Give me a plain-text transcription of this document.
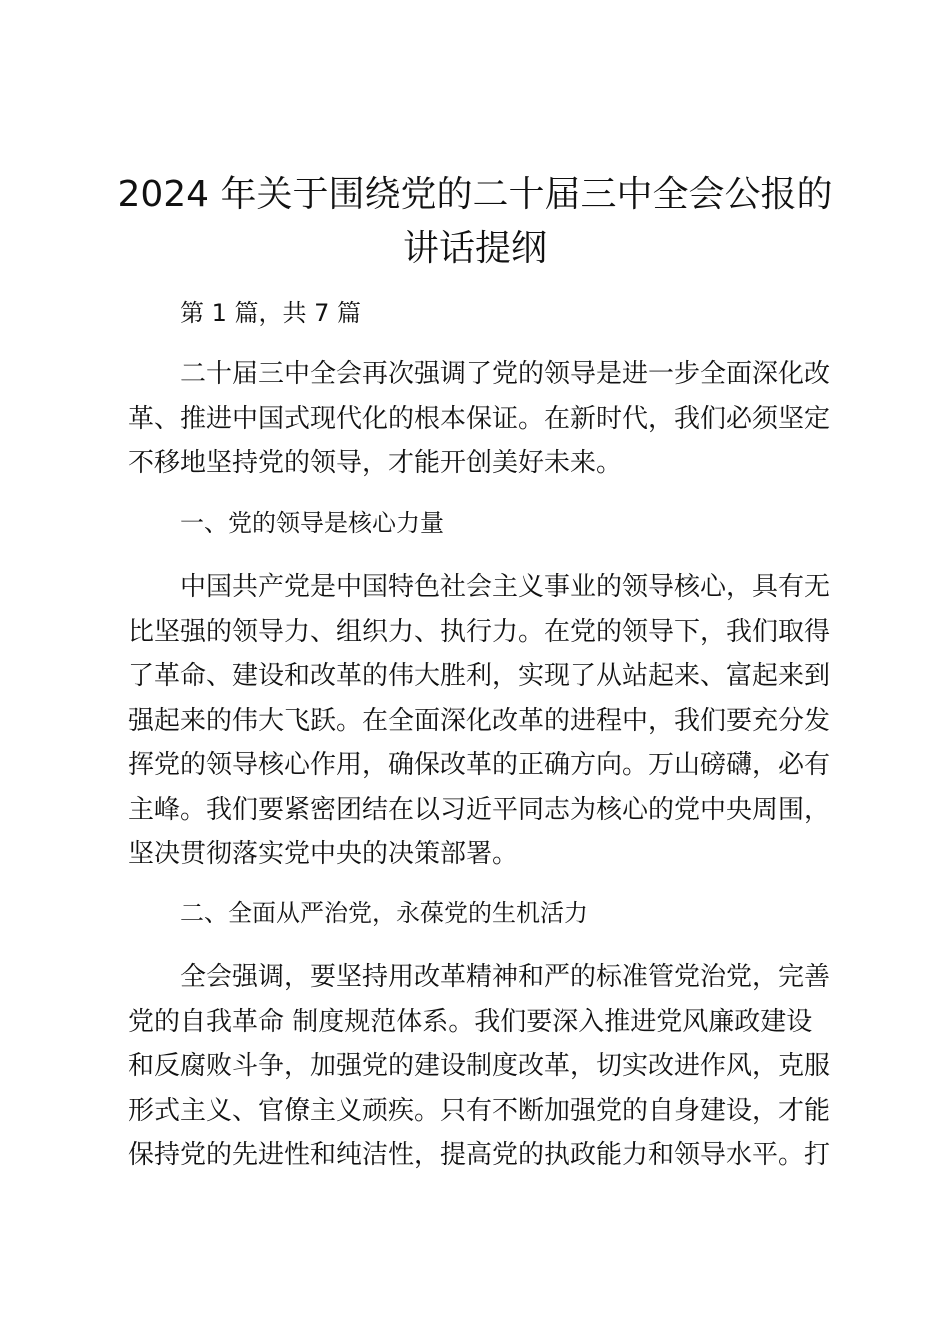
2024 年关于围绕党的二十届三中全会公报的
讲话提纲

第 1 篇，共 7 篇

二十届三中全会再次强调了党的领导是进一步全面深化改
革、推进中国式现代化的根本保证。在新时代，我们必须坚定
不移地坚持党的领导，才能开创美好未来。

一、党的领导是核心力量

中国共产党是中国特色社会主义事业的领导核心，具有无
比坚强的领导力、组织力、执行力。在党的领导下，我们取得
了革命、建设和改革的伟大胜利，实现了从站起来、富起来到
强起来的伟大飞跃。在全面深化改革的进程中，我们要充分发
挥党的领导核心作用，确保改革的正确方向。万山磅礴，必有
主峰。我们要紧密团结在以习近平同志为核心的党中央周围，
坚决贯彻落实党中央的决策部署。

二、全面从严治党，永葆党的生机活力

全会强调，要坚持用改革精神和严的标准管党治党，完善
党的自我革命 制度规范体系。我们要深入推进党风廉政建设
和反腐败斗争，加强党的建设制度改革，切实改进作风，克服
形式主义、官僚主义顽疾。只有不断加强党的自身建设，才能
保持党的先进性和纯洁性，提高党的执政能力和领导水平。打
